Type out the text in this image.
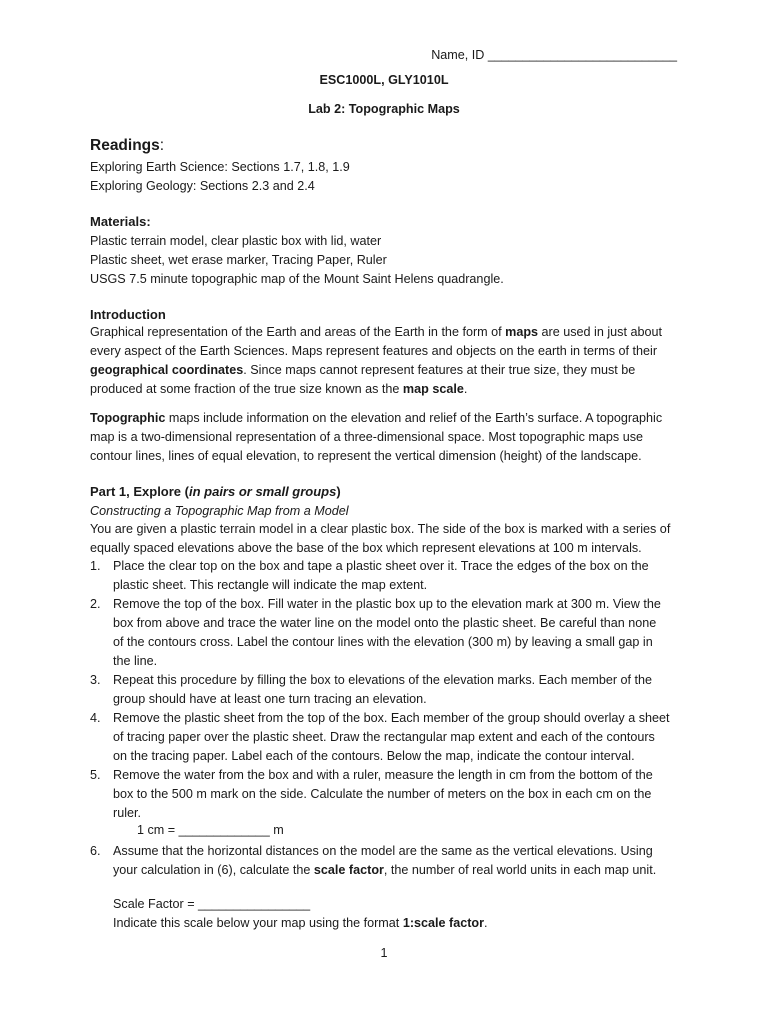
Name, ID ___________________________
ESC1000L, GLY1010L
Lab 2: Topographic Maps
Readings:
Exploring Earth Science: Sections 1.7, 1.8, 1.9
Exploring Geology: Sections 2.3 and 2.4
Materials:
Plastic terrain model, clear plastic box with lid, water
Plastic sheet, wet erase marker, Tracing Paper, Ruler
USGS 7.5 minute topographic map of the Mount Saint Helens quadrangle.
Introduction
Graphical representation of the Earth and areas of the Earth in the form of maps are used in just about
every aspect of the Earth Sciences. Maps represent features and objects on the earth in terms of their
geographical coordinates. Since maps cannot represent features at their true size, they must be
produced at some fraction of the true size known as the map scale.
Topographic maps include information on the elevation and relief of the Earth’s surface. A topographic
map is a two-dimensional representation of a three-dimensional space. Most topographic maps use
contour lines, lines of equal elevation, to represent the vertical dimension (height) of the landscape.
Part 1, Explore (in pairs or small groups)
Constructing a Topographic Map from a Model
You are given a plastic terrain model in a clear plastic box. The side of the box is marked with a series of
equally spaced elevations above the base of the box which represent elevations at 100 m intervals.
1. Place the clear top on the box and tape a plastic sheet over it. Trace the edges of the box on the
plastic sheet. This rectangle will indicate the map extent.
2. Remove the top of the box. Fill water in the plastic box up to the elevation mark at 300 m. View the
box from above and trace the water line on the model onto the plastic sheet. Be careful than none
of the contours cross. Label the contour lines with the elevation (300 m) by leaving a small gap in
the line.
3. Repeat this procedure by filling the box to elevations of the elevation marks. Each member of the
group should have at least one turn tracing an elevation.
4. Remove the plastic sheet from the top of the box. Each member of the group should overlay a sheet
of tracing paper over the plastic sheet. Draw the rectangular map extent and each of the contours
on the tracing paper. Label each of the contours. Below the map, indicate the contour interval.
5. Remove the water from the box and with a ruler, measure the length in cm from the bottom of the
box to the 500 m mark on the side. Calculate the number of meters on the box in each cm on the
ruler.
6. Assume that the horizontal distances on the model are the same as the vertical elevations. Using
your calculation in (6), calculate the scale factor, the number of real world units in each map unit.
1 cm = _____________ m
Scale Factor = ________________
Indicate this scale below your map using the format 1:scale factor.
1
